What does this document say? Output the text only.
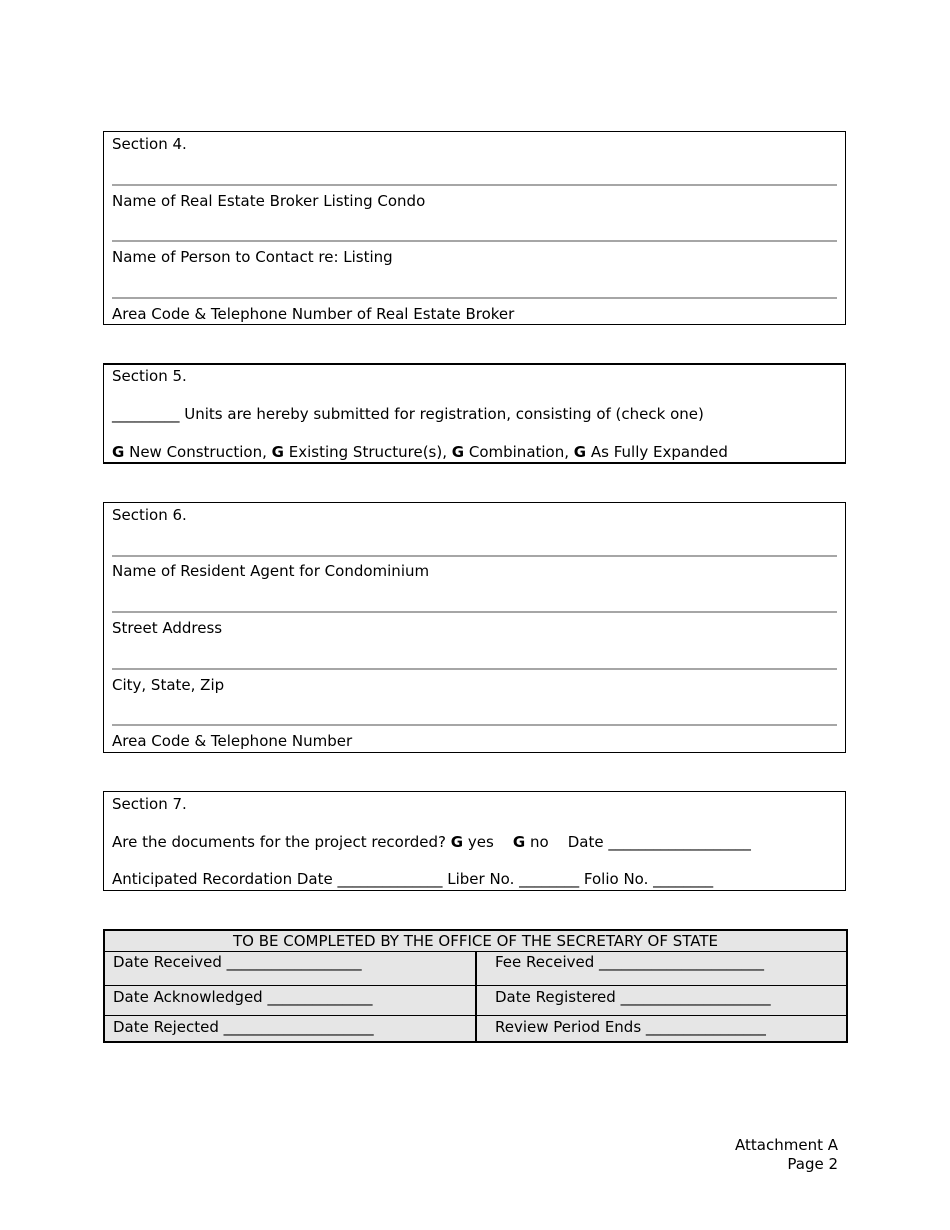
Section 4.
Name of Real Estate Broker Listing Condo
Name of Person to Contact re: Listing
Area Code & Telephone Number of Real Estate Broker
Section 5.
_________ Units are hereby submitted for registration, consisting of (check one)
G New Construction, G Existing Structure(s), G Combination, G As Fully Expanded
Section 6.
Name of Resident Agent for Condominium
Street Address
City, State, Zip
Area Code & Telephone Number
Section 7.
Are the documents for the project recorded? G yes G no Date ___________________
Anticipated Recordation Date ______________ Liber No. ________ Folio No. ________
TO BE COMPLETED BY THE OFFICE OF THE SECRETARY OF STATE
Date Received __________________	Fee Received ______________________
Date Acknowledged ______________	Date Registered ____________________
Date Rejected ____________________	Review Period Ends ________________
Attachment A
Page 2
